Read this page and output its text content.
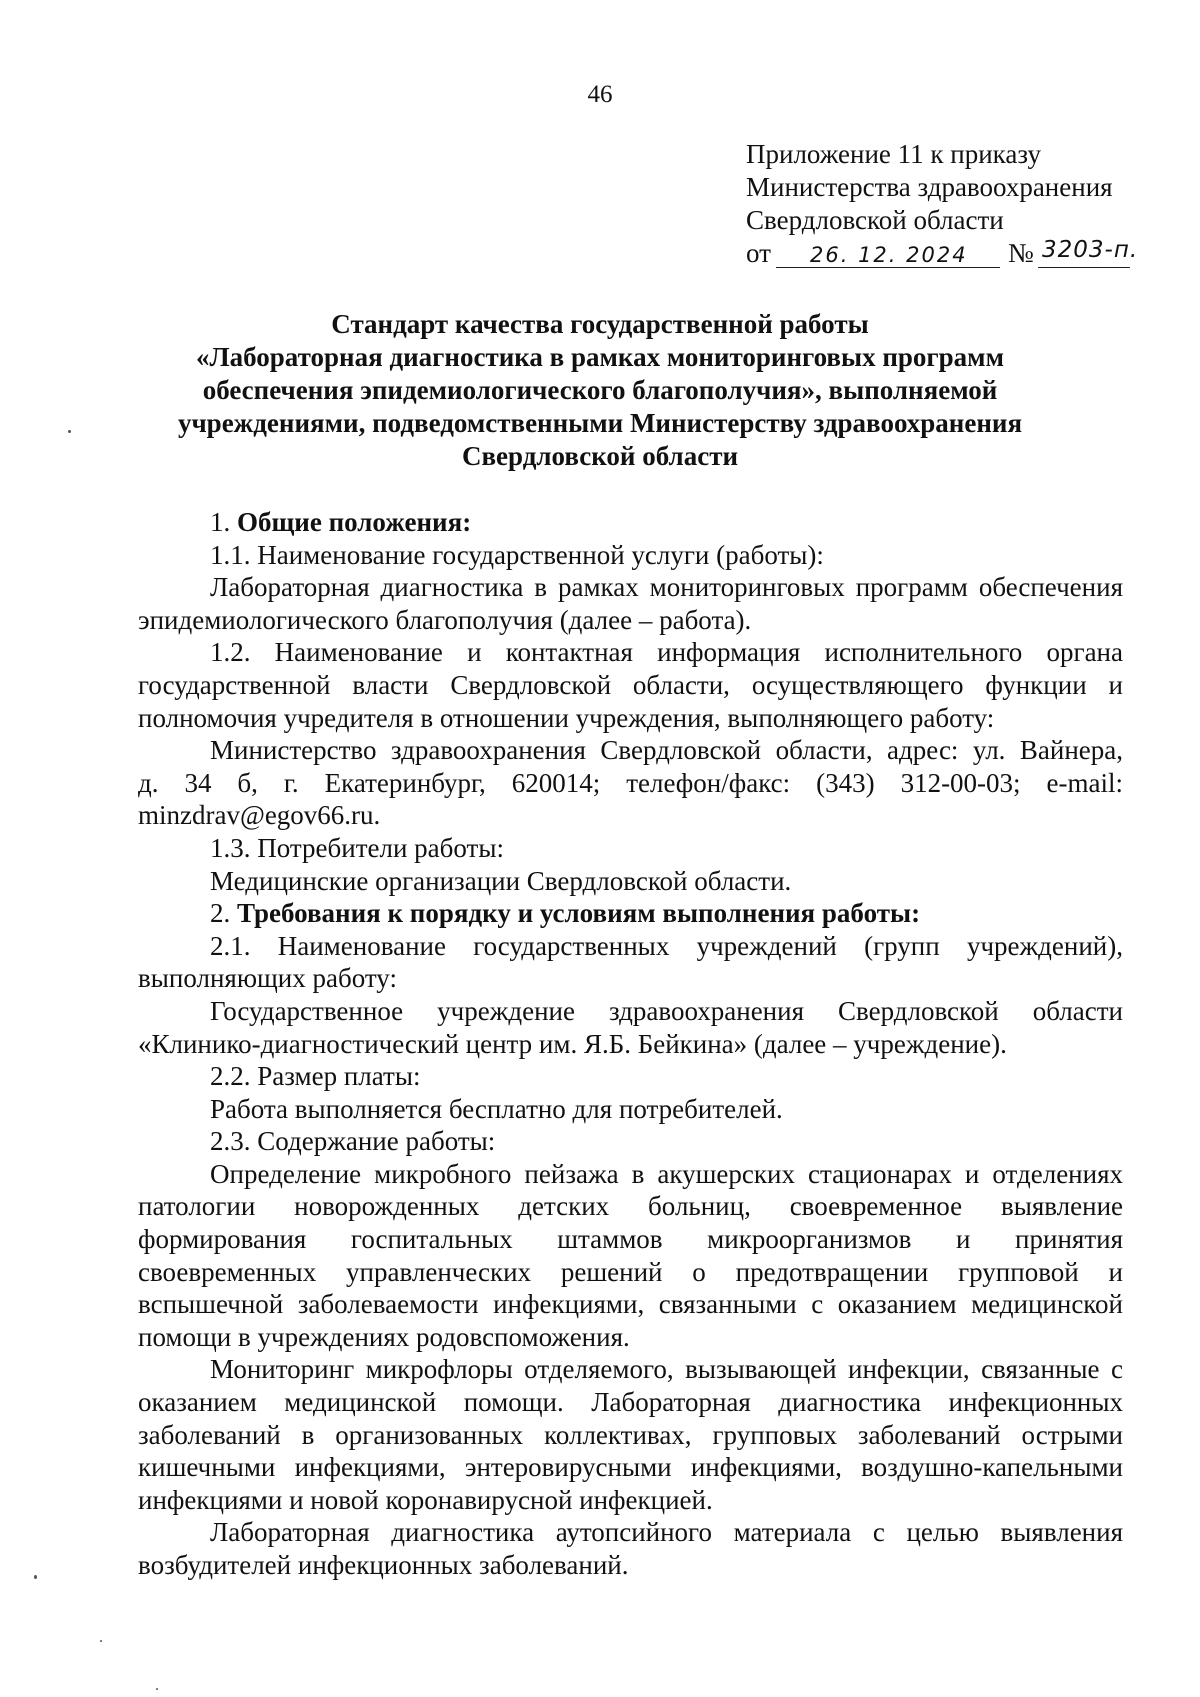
46
Приложение 11 к приказу
Министерства здравоохранения
Свердловской области
от 26. 12. 2024 № 3203-п.
Стандарт качества государственной работы
«Лабораторная диагностика в рамках мониторинговых программ
обеспечения эпидемиологического благополучия», выполняемой
учреждениями, подведомственными Министерству здравоохранения
Свердловской области

1. Общие положения:

1.1. Наименование государственной услуги (работы):

Лабораторная диагностика в рамках мониторинговых программ обеспечения

эпидемиологического благополучия (далее – работа).

1.2. Наименование и контактная информация исполнительного органа

государственной власти Свердловской области, осуществляющего функции и

полномочия учредителя в отношении учреждения, выполняющего работу:

Министерство здравоохранения Свердловской области, адрес: ул. Вайнера,

д. 34 б, г. Екатеринбург, 620014; телефон/факс: (343) 312-00-03; e-mail:

minzdrav@egov66.ru.

1.3. Потребители работы:

Медицинские организации Свердловской области.

2. Требования к порядку и условиям выполнения работы:

2.1. Наименование государственных учреждений (групп учреждений),

выполняющих работу:

Государственное учреждение здравоохранения Свердловской области

«Клинико-диагностический центр им. Я.Б. Бейкина» (далее – учреждение).

2.2. Размер платы:

Работа выполняется бесплатно для потребителей.

2.3. Содержание работы:

Определение микробного пейзажа в акушерских стационарах и отделениях

патологии новорожденных детских больниц, своевременное выявление

формирования госпитальных штаммов микроорганизмов и принятия

своевременных управленческих решений о предотвращении групповой и

вспышечной заболеваемости инфекциями, связанными с оказанием медицинской

помощи в учреждениях родовспоможения.

Мониторинг микрофлоры отделяемого, вызывающей инфекции, связанные с

оказанием медицинской помощи. Лабораторная диагностика инфекционных

заболеваний в организованных коллективах, групповых заболеваний острыми

кишечными инфекциями, энтеровирусными инфекциями, воздушно-капельными

инфекциями и новой коронавирусной инфекцией.

Лабораторная диагностика аутопсийного материала с целью выявления

возбудителей инфекционных заболеваний.
